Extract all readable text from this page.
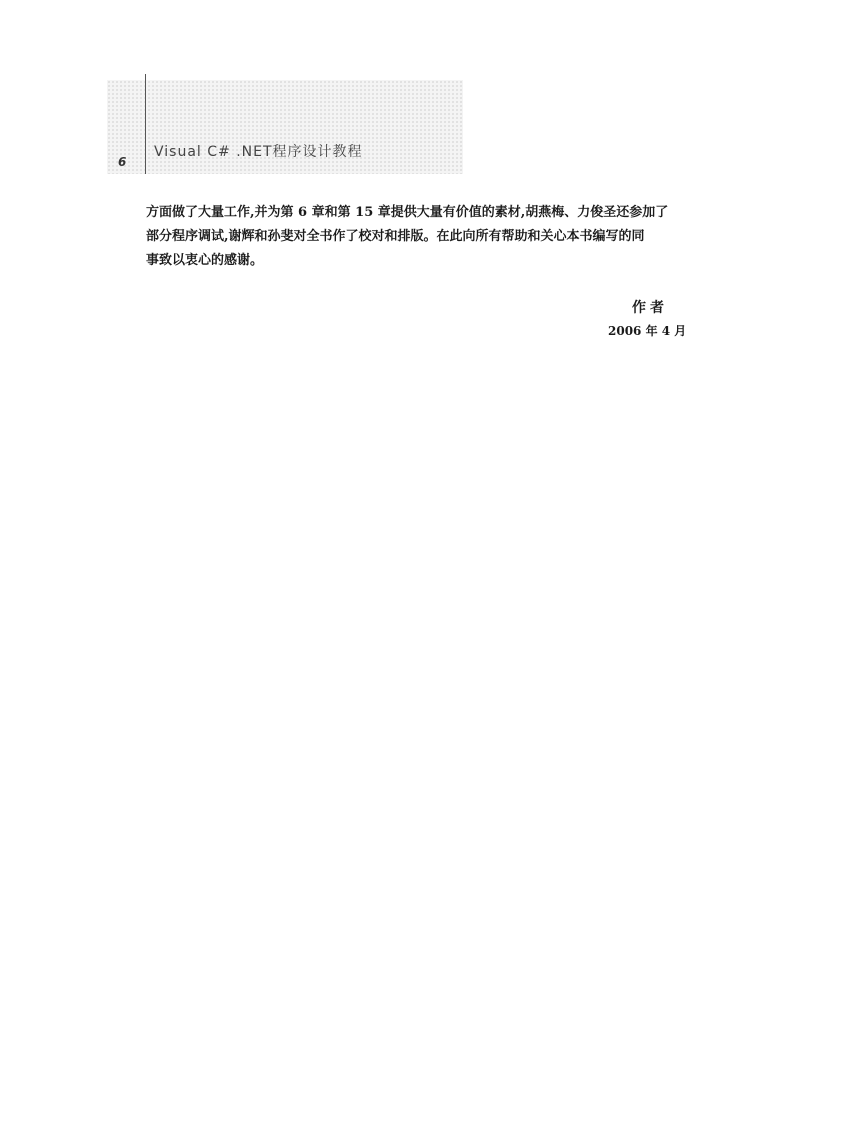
6
Visual C# .NET程序设计教程

方面做了大量工作,并为第 6 章和第 15 章提供大量有价值的素材,胡燕梅、力俊圣还参加了

部分程序调试,谢辉和孙斐对全书作了校对和排版。在此向所有帮助和关心本书编写的同

事致以衷心的感谢。

作者
2006 年 4 月
